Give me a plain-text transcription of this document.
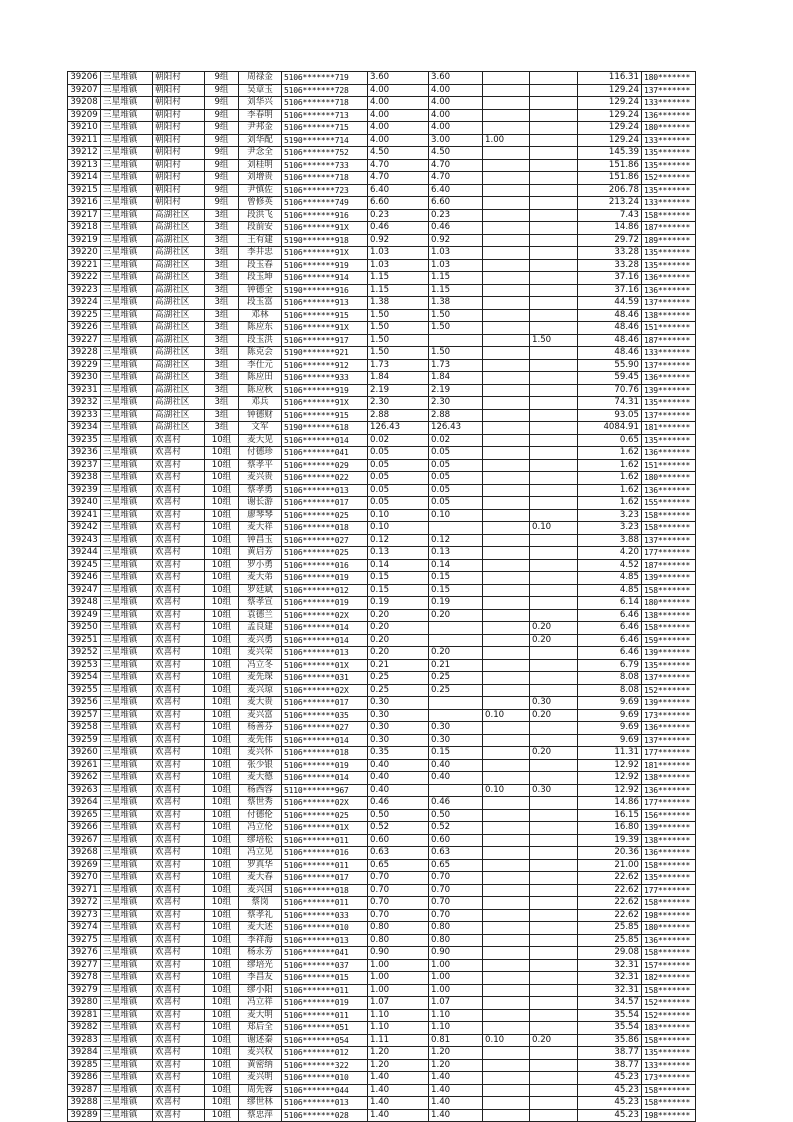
39206	三星堆镇	朝阳村	9组	周禄金	5106*******719	3.60	3.60			116.31	180*******
39207	三星堆镇	朝阳村	9组	吴章玉	5106*******728	4.00	4.00			129.24	137*******
39208	三星堆镇	朝阳村	9组	刘华兴	5106*******718	4.00	4.00			129.24	133*******
39209	三星堆镇	朝阳村	9组	李春明	5106*******713	4.00	4.00			129.24	136*******
39210	三星堆镇	朝阳村	9组	尹邦金	5106*******715	4.00	4.00			129.24	180*******
39211	三星堆镇	朝阳村	9组	刘华配	5190*******714	4.00	3.00	1.00		129.24	133*******
39212	三星堆镇	朝阳村	9组	尹念全	5106*******752	4.50	4.50			145.39	135*******
39213	三星堆镇	朝阳村	9组	刘桂明	5106*******733	4.70	4.70			151.86	135*******
39214	三星堆镇	朝阳村	9组	刘增贵	5106*******718	4.70	4.70			151.86	152*******
39215	三星堆镇	朝阳村	9组	尹慎佐	5106*******723	6.40	6.40			206.78	135*******
39216	三星堆镇	朝阳村	9组	曾修英	5106*******749	6.60	6.60			213.24	133*******
39217	三星堆镇	高湖社区	3组	段洪飞	5106*******916	0.23	0.23			7.43	158*******
39218	三星堆镇	高湖社区	3组	段前安	5106*******91X	0.46	0.46			14.86	187*******
39219	三星堆镇	高湖社区	3组	王有建	5190*******918	0.92	0.92			29.72	189*******
39220	三星堆镇	高湖社区	3组	李井忠	5106*******91X	1.03	1.03			33.28	135*******
39221	三星堆镇	高湖社区	3组	段玉春	5106*******919	1.03	1.03			33.28	135*******
39222	三星堆镇	高湖社区	3组	段玉坤	5106*******914	1.15	1.15			37.16	136*******
39223	三星堆镇	高湖社区	3组	钟德全	5190*******916	1.15	1.15			37.16	136*******
39224	三星堆镇	高湖社区	3组	段玉富	5106*******913	1.38	1.38			44.59	137*******
39225	三星堆镇	高湖社区	3组	邓林	5106*******915	1.50	1.50			48.46	138*******
39226	三星堆镇	高湖社区	3组	陈应东	5106*******91X	1.50	1.50			48.46	151*******
39227	三星堆镇	高湖社区	3组	段玉洪	5106*******917	1.50			1.50	48.46	187*******
39228	三星堆镇	高湖社区	3组	陈克会	5190*******921	1.50	1.50			48.46	133*******
39229	三星堆镇	高湖社区	3组	李仕元	5106*******912	1.73	1.73			55.90	137*******
39230	三星堆镇	高湖社区	3组	陈应田	5106*******933	1.84	1.84			59.45	136*******
39231	三星堆镇	高湖社区	3组	陈应秋	5106*******919	2.19	2.19			70.76	139*******
39232	三星堆镇	高湖社区	3组	邓兵	5106*******91X	2.30	2.30			74.31	135*******
39233	三星堆镇	高湖社区	3组	钟德财	5106*******915	2.88	2.88			93.05	137*******
39234	三星堆镇	高湖社区	3组	文军	5190*******618	126.43	126.43			4084.91	181*******
39235	三星堆镇	欢喜村	10组	麦大见	5106*******014	0.02	0.02			0.65	135*******
39236	三星堆镇	欢喜村	10组	付德珍	5106*******041	0.05	0.05			1.62	136*******
39237	三星堆镇	欢喜村	10组	蔡孝平	5106*******029	0.05	0.05			1.62	151*******
39238	三星堆镇	欢喜村	10组	麦兴贵	5106*******022	0.05	0.05			1.62	180*******
39239	三星堆镇	欢喜村	10组	蔡孝勇	5106*******013	0.05	0.05			1.62	136*******
39240	三星堆镇	欢喜村	10组	谢长游	5106*******017	0.05	0.05			1.62	155*******
39241	三星堆镇	欢喜村	10组	廖琴琴	5106*******025	0.10	0.10			3.23	158*******
39242	三星堆镇	欢喜村	10组	麦大祥	5106*******018	0.10			0.10	3.23	158*******
39243	三星堆镇	欢喜村	10组	钟昌玉	5106*******027	0.12	0.12			3.88	137*******
39244	三星堆镇	欢喜村	10组	黄启芳	5106*******025	0.13	0.13			4.20	177*******
39245	三星堆镇	欢喜村	10组	罗小勇	5106*******016	0.14	0.14			4.52	187*******
39246	三星堆镇	欢喜村	10组	麦大弟	5106*******019	0.15	0.15			4.85	139*******
39247	三星堆镇	欢喜村	10组	罗廷斌	5106*******012	0.15	0.15			4.85	158*******
39248	三星堆镇	欢喜村	10组	蔡孝宣	5106*******019	0.19	0.19			6.14	180*******
39249	三星堆镇	欢喜村	10组	袁德兰	5106*******02X	0.20	0.20			6.46	138*******
39250	三星堆镇	欢喜村	10组	孟良建	5106*******014	0.20			0.20	6.46	158*******
39251	三星堆镇	欢喜村	10组	麦兴勇	5106*******014	0.20			0.20	6.46	159*******
39252	三星堆镇	欢喜村	10组	麦兴荣	5106*******013	0.20	0.20			6.46	139*******
39253	三星堆镇	欢喜村	10组	冯立冬	5106*******01X	0.21	0.21			6.79	135*******
39254	三星堆镇	欢喜村	10组	麦先琛	5106*******031	0.25	0.25			8.08	137*******
39255	三星堆镇	欢喜村	10组	麦兴琼	5106*******02X	0.25	0.25			8.08	152*******
39256	三星堆镇	欢喜村	10组	麦大贵	5106*******017	0.30			0.30	9.69	139*******
39257	三星堆镇	欢喜村	10组	麦兴富	5106*******035	0.30		0.10	0.20	9.69	173*******
39258	三星堆镇	欢喜村	10组	杨善芬	5106*******027	0.30	0.30			9.69	136*******
39259	三星堆镇	欢喜村	10组	麦先伟	5106*******014	0.30	0.30			9.69	137*******
39260	三星堆镇	欢喜村	10组	麦兴怀	5106*******018	0.35	0.15		0.20	11.31	177*******
39261	三星堆镇	欢喜村	10组	张少银	5106*******019	0.40	0.40			12.92	181*******
39262	三星堆镇	欢喜村	10组	麦大德	5106*******014	0.40	0.40			12.92	138*******
39263	三星堆镇	欢喜村	10组	杨西容	5110*******967	0.40		0.10	0.30	12.92	136*******
39264	三星堆镇	欢喜村	10组	蔡世秀	5106*******02X	0.46	0.46			14.86	177*******
39265	三星堆镇	欢喜村	10组	付德伦	5106*******025	0.50	0.50			16.15	156*******
39266	三星堆镇	欢喜村	10组	冯立伦	5106*******01X	0.52	0.52			16.80	139*******
39267	三星堆镇	欢喜村	10组	缪培松	5106*******011	0.60	0.60			19.39	138*******
39268	三星堆镇	欢喜村	10组	冯立见	5106*******016	0.63	0.63			20.36	136*******
39269	三星堆镇	欢喜村	10组	罗真华	5106*******011	0.65	0.65			21.00	158*******
39270	三星堆镇	欢喜村	10组	麦大春	5106*******017	0.70	0.70			22.62	135*******
39271	三星堆镇	欢喜村	10组	麦兴国	5106*******018	0.70	0.70			22.62	177*******
39272	三星堆镇	欢喜村	10组	蔡岗	5106*******011	0.70	0.70			22.62	158*******
39273	三星堆镇	欢喜村	10组	蔡孝礼	5106*******033	0.70	0.70			22.62	198*******
39274	三星堆镇	欢喜村	10组	麦大述	5106*******010	0.80	0.80			25.85	180*******
39275	三星堆镇	欢喜村	10组	李祥海	5106*******013	0.80	0.80			25.85	136*******
39276	三星堆镇	欢喜村	10组	杨永芳	5106*******041	0.90	0.90			29.08	158*******
39277	三星堆镇	欢喜村	10组	缪培光	5106*******037	1.00	1.00			32.31	157*******
39278	三星堆镇	欢喜村	10组	李昌友	5106*******015	1.00	1.00			32.31	182*******
39279	三星堆镇	欢喜村	10组	缪小阳	5106*******011	1.00	1.00			32.31	158*******
39280	三星堆镇	欢喜村	10组	冯立祥	5106*******019	1.07	1.07			34.57	152*******
39281	三星堆镇	欢喜村	10组	麦大明	5106*******011	1.10	1.10			35.54	152*******
39282	三星堆镇	欢喜村	10组	郑后全	5106*******051	1.10	1.10			35.54	183*******
39283	三星堆镇	欢喜村	10组	谢述秦	5106*******054	1.11	0.81	0.10	0.20	35.86	158*******
39284	三星堆镇	欢喜村	10组	麦兴权	5106*******012	1.20	1.20			38.77	135*******
39285	三星堆镇	欢喜村	10组	黄密纳	5106*******322	1.20	1.20			38.77	133*******
39286	三星堆镇	欢喜村	10组	麦兴明	5106*******010	1.40	1.40			45.23	173*******
39287	三星堆镇	欢喜村	10组	周先蓉	5106*******044	1.40	1.40			45.23	158*******
39288	三星堆镇	欢喜村	10组	缪世林	5106*******013	1.40	1.40			45.23	158*******
39289	三星堆镇	欢喜村	10组	蔡忠萍	5106*******028	1.40	1.40			45.23	198*******
